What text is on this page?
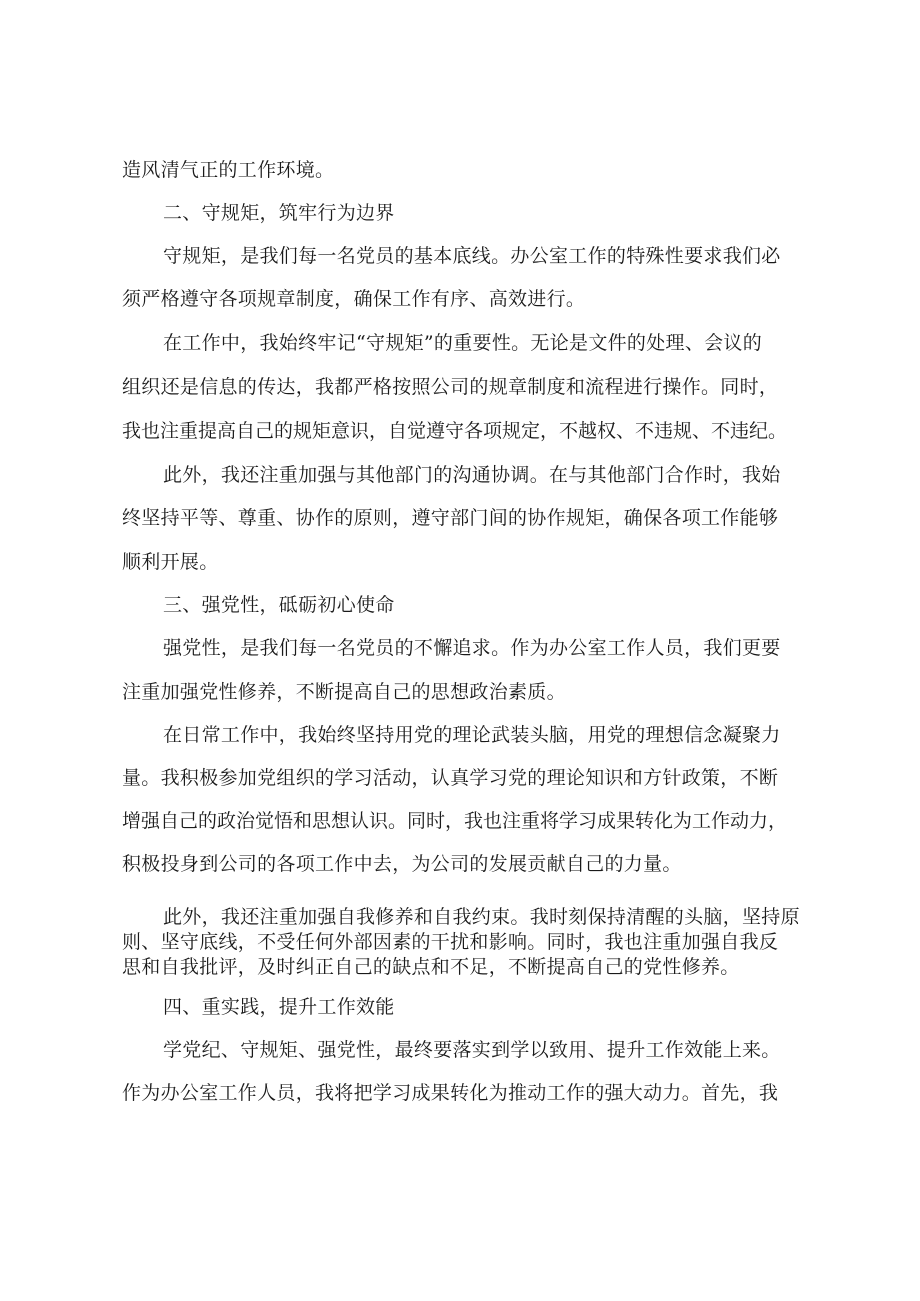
造风清气正的工作环境。
二、守规矩，筑牢行为边界
守规矩，是我们每一名党员的基本底线。办公室工作的特殊性要求我们必
须严格遵守各项规章制度，确保工作有序、高效进行。
在工作中，我始终牢记“守规矩”的重要性。无论是文件的处理、会议的
组织还是信息的传达，我都严格按照公司的规章制度和流程进行操作。同时，
我也注重提高自己的规矩意识，自觉遵守各项规定，不越权、不违规、不违纪。
此外，我还注重加强与其他部门的沟通协调。在与其他部门合作时，我始
终坚持平等、尊重、协作的原则，遵守部门间的协作规矩，确保各项工作能够
顺利开展。
三、强党性，砥砺初心使命
强党性，是我们每一名党员的不懈追求。作为办公室工作人员，我们更要
注重加强党性修养，不断提高自己的思想政治素质。
在日常工作中，我始终坚持用党的理论武装头脑，用党的理想信念凝聚力
量。我积极参加党组织的学习活动，认真学习党的理论知识和方针政策，不断
增强自己的政治觉悟和思想认识。同时，我也注重将学习成果转化为工作动力，
积极投身到公司的各项工作中去，为公司的发展贡献自己的力量。
此外，我还注重加强自我修养和自我约束。我时刻保持清醒的头脑，坚持原
则、坚守底线，不受任何外部因素的干扰和影响。同时，我也注重加强自我反
思和自我批评，及时纠正自己的缺点和不足，不断提高自己的党性修养。
四、重实践，提升工作效能
学党纪、守规矩、强党性，最终要落实到学以致用、提升工作效能上来。
作为办公室工作人员，我将把学习成果转化为推动工作的强大动力。首先，我
